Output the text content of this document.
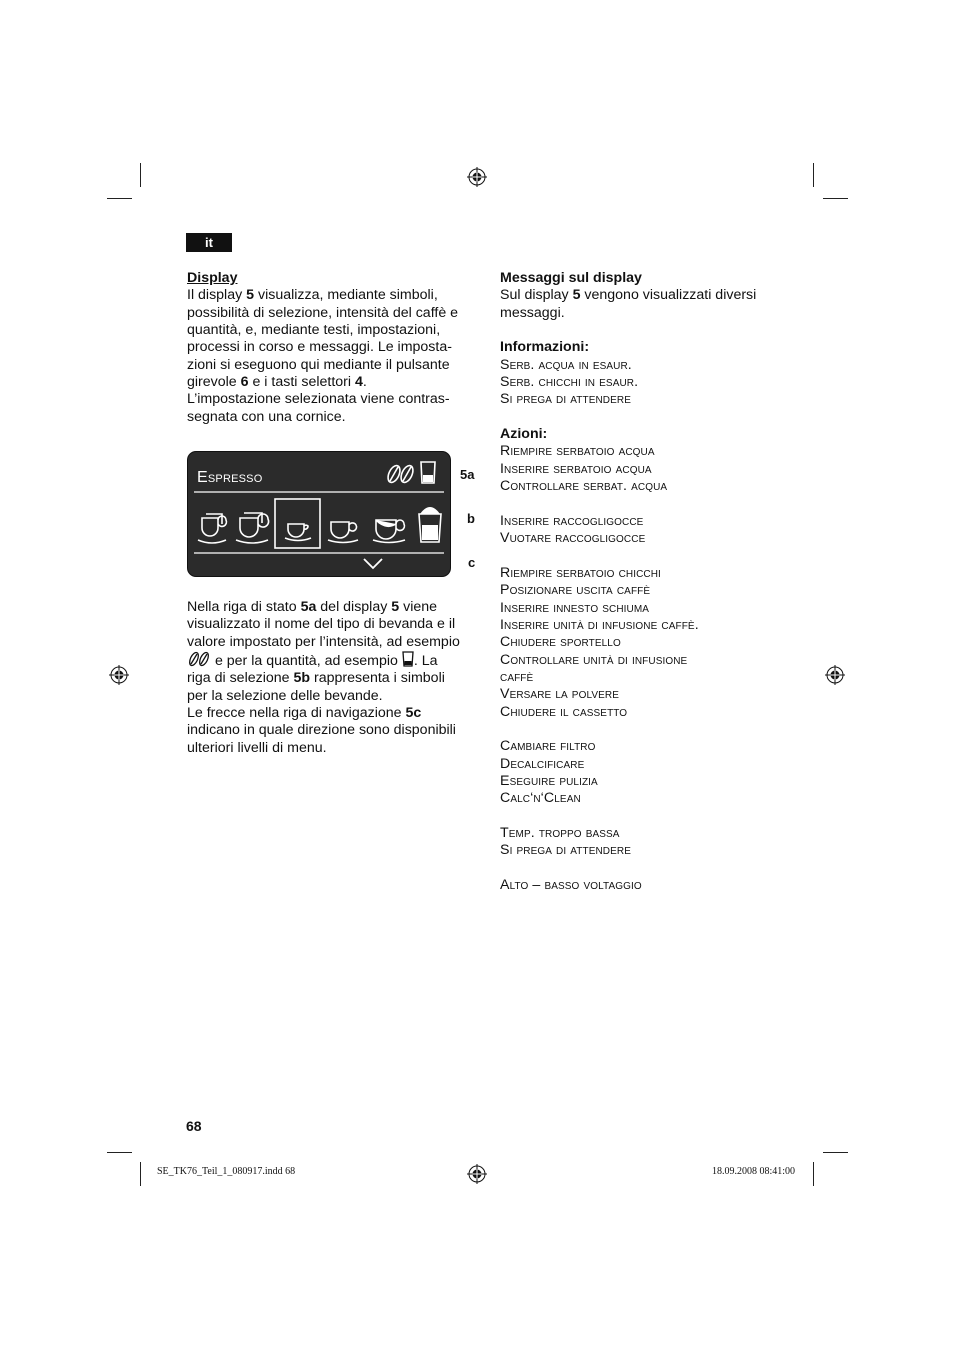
it

Display

Il display 5 visualizza, mediante simboli,

possibilità di selezione, intensità del caffè e

quantità, e, mediante testi, impostazioni,

processi in corso e messaggi. Le imposta-

zioni si eseguono qui mediante il pulsante

girevole 6 e i tasti selettori 4.

L’impostazione selezionata viene contras-

segnata con una cornice.

Espresso	5a
b
c

Nella riga di stato 5a del display 5 viene

visualizzato il nome del tipo di bevanda e il

valore impostato per l’intensità, ad esempio

e per la quantità, ad esempio . La

riga di selezione 5b rappresenta i simboli

per la selezione delle bevande.

Le frecce nella riga di navigazione 5c

indicano in quale direzione sono disponibili

ulteriori livelli di menu.

Messaggi sul display

Sul display 5 vengono visualizzati diversi

messaggi.

Informazioni:

Serb. acqua in esaur.

Serb. chicchi in esaur.

Si prega di attendere

Azioni:

Riempire serbatoio acqua

Inserire serbatoio acqua

Controllare serbat. acqua

Inserire raccogligocce

Vuotare raccogligocce

Riempire serbatoio chicchi

Posizionare uscita caffè

Inserire innesto schiuma

Inserire unità di infusione caffè.

Chiudere sportello

Controllare unità di infusione

caffè

Versare la polvere

Chiudere il cassetto

Cambiare filtro

Decalcificare

Eseguire pulizia

Calc‘n‘Clean

Temp. troppo bassa

Si prega di attendere

Alto – basso voltaggio

68
SE_TK76_Teil_1_080917.indd 68	18.09.2008 08:41:00
